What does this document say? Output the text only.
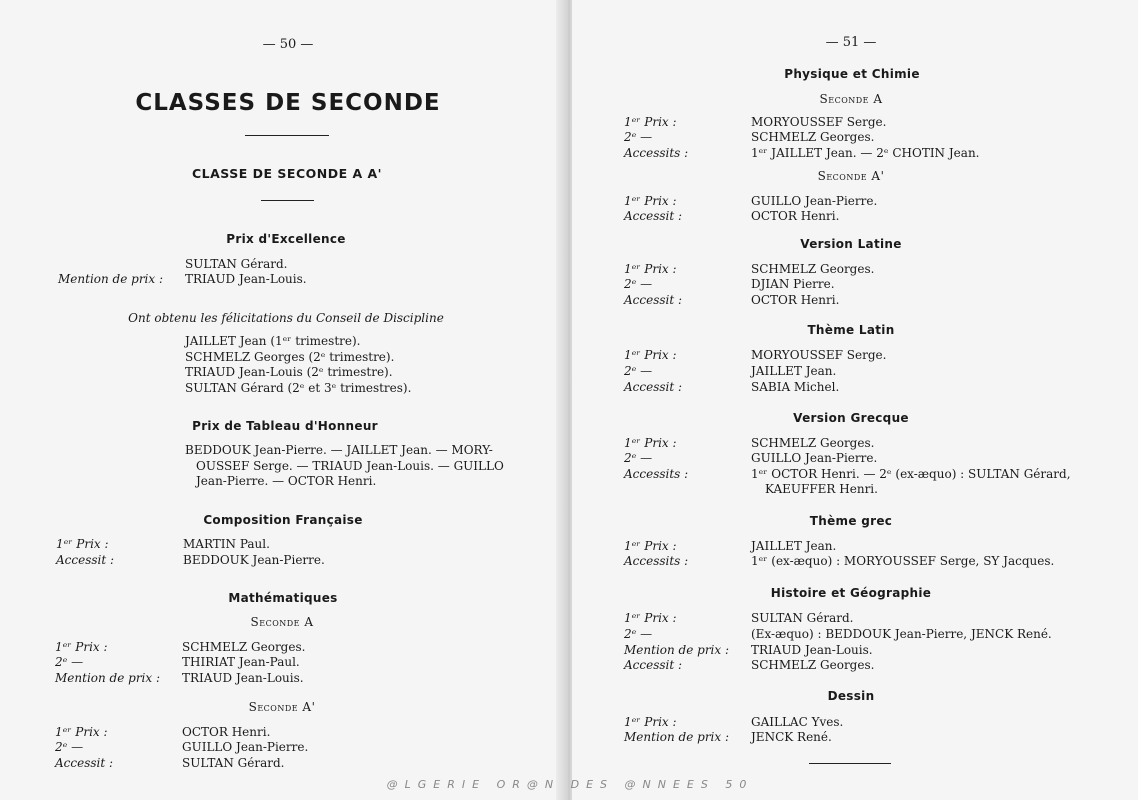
— 50 —
CLASSES DE SECONDE
CLASSE DE SECONDE A A'
Prix d'Excellence
SULTAN Gérard.
Mention de prix : TRIAUD Jean-Louis.
Ont obtenu les félicitations du Conseil de Discipline
JAILLET Jean (1ᵉʳ trimestre).
SCHMELZ Georges (2ᵉ trimestre).
TRIAUD Jean-Louis (2ᵉ trimestre).
SULTAN Gérard (2ᵉ et 3ᵉ trimestres).
Prix de Tableau d'Honneur
BEDDOUK Jean-Pierre. — JAILLET Jean. — MORY-
OUSSEF Serge. — TRIAUD Jean-Louis. — GUILLO
Jean-Pierre. — OCTOR Henri.
Composition Française
1ᵉʳ Prix :	MARTIN Paul.
Accessit :	BEDDOUK Jean-Pierre.
Mathématiques
Seconde A
1ᵉʳ Prix :	SCHMELZ Georges.
2ᵉ —	THIRIAT Jean-Paul.
Mention de prix : TRIAUD Jean-Louis.
Seconde A'
1ᵉʳ Prix :	OCTOR Henri.
2ᵉ —	GUILLO Jean-Pierre.
Accessit :	SULTAN Gérard.
— 51 —
Physique et Chimie
Seconde A
1ᵉʳ Prix :	MORYOUSSEF Serge.
2ᵉ —	SCHMELZ Georges.
Accessits :	1ᵉʳ JAILLET Jean. — 2ᵉ CHOTIN Jean.
Seconde A'
1ᵉʳ Prix :	GUILLO Jean-Pierre.
Accessit :	OCTOR Henri.
Version Latine
1ᵉʳ Prix :	SCHMELZ Georges.
2ᵉ —	DJIAN Pierre.
Accessit :	OCTOR Henri.
Thème Latin
1ᵉʳ Prix :	MORYOUSSEF Serge.
2ᵉ —	JAILLET Jean.
Accessit :	SABIA Michel.
Version Grecque
1ᵉʳ Prix :	SCHMELZ Georges.
2ᵉ —	GUILLO Jean-Pierre.
Accessits :	1ᵉʳ OCTOR Henri. — 2ᵉ (ex-æquo) : SULTAN Gérard,
KAEUFFER Henri.
Thème grec
1ᵉʳ Prix :	JAILLET Jean.
Accessits :	1ᵉʳ (ex-æquo) : MORYOUSSEF Serge, SY Jacques.
Histoire et Géographie
1ᵉʳ Prix :	SULTAN Gérard.
2ᵉ —	(Ex-æquo) : BEDDOUK Jean-Pierre, JENCK René.
Mention de prix : TRIAUD Jean-Louis.
Accessit :	SCHMELZ Georges.
Dessin
1ᵉʳ Prix :	GAILLAC Yves.
Mention de prix : JENCK René.
@LGERIE OR@N DES @NNEES 50
